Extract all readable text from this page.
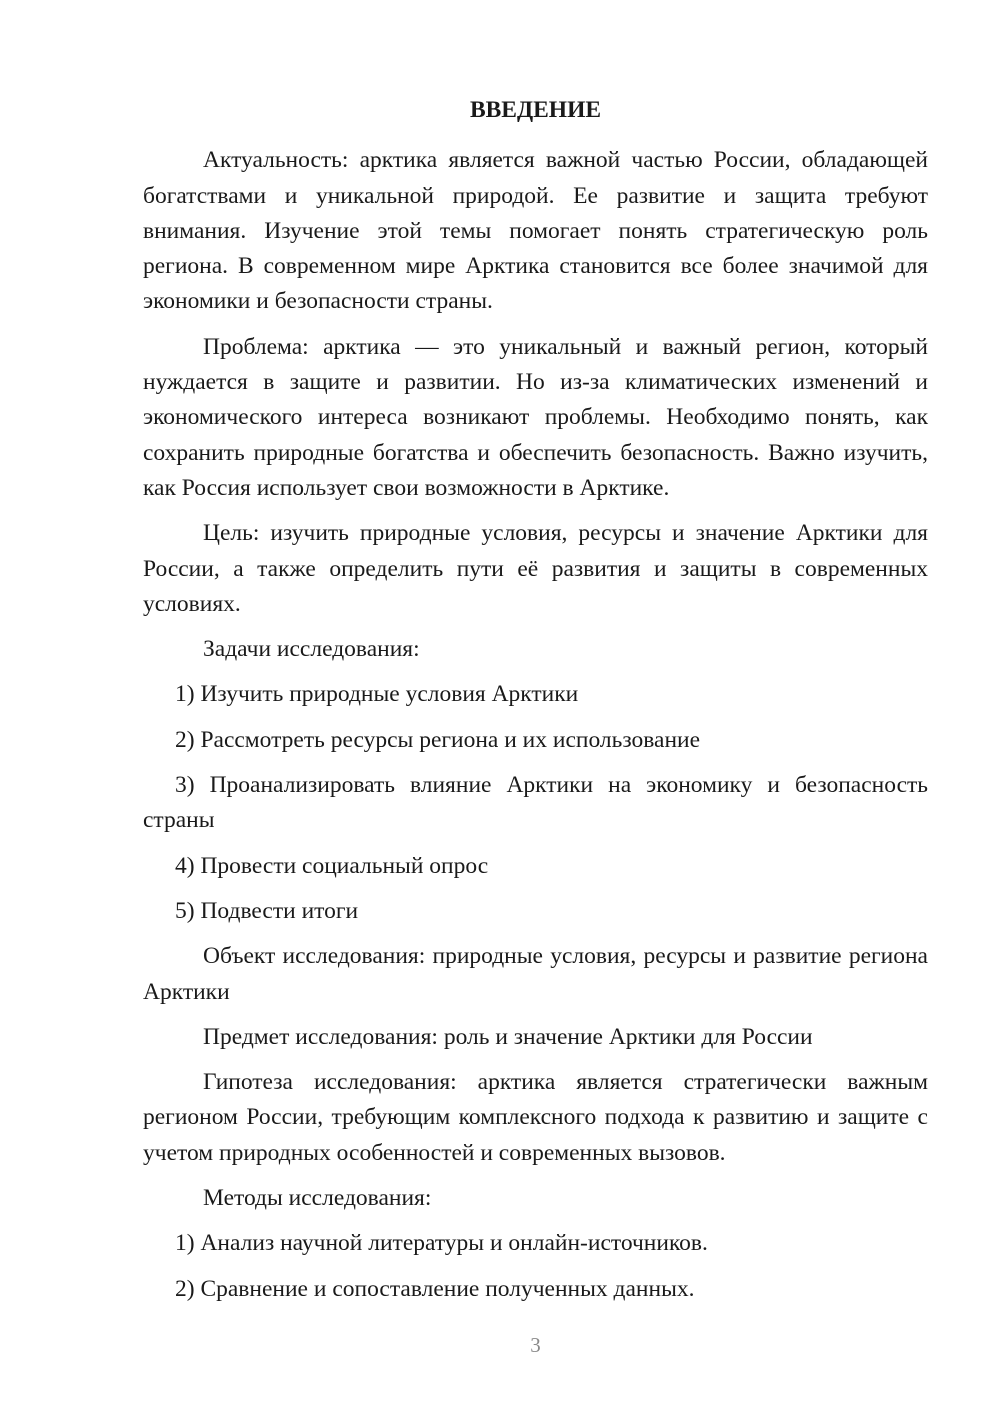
ВВЕДЕНИЕ

Актуальность: арктика является важной частью России, обладающей богатствами и уникальной природой. Ее развитие и защита требуют внимания. Изучение этой темы помогает понять стратегическую роль региона. В современном мире Арктика становится все более значимой для экономики и безопасности страны.

Проблема: арктика — это уникальный и важный регион, который нуждается в защите и развитии. Но из-за климатических изменений и экономического интереса возникают проблемы. Необходимо понять, как сохранить природные богатства и обеспечить безопасность. Важно изучить, как Россия использует свои возможности в Арктике.

Цель: изучить природные условия, ресурсы и значение Арктики для России, а также определить пути её развития и защиты в современных условиях.

Задачи исследования:

1) Изучить природные условия Арктики

2) Рассмотреть ресурсы региона и их использование

3) Проанализировать влияние Арктики на экономику и безопасность страны

4) Провести социальный опрос

5) Подвести итоги

Объект исследования: природные условия, ресурсы и развитие региона Арктики

Предмет исследования: роль и значение Арктики для России

Гипотеза исследования: арктика является стратегически важным регионом России, требующим комплексного подхода к развитию и защите с учетом природных особенностей и современных вызовов.

Методы исследования:

1) Анализ научной литературы и онлайн-источников.

2) Сравнение и сопоставление полученных данных.

3
